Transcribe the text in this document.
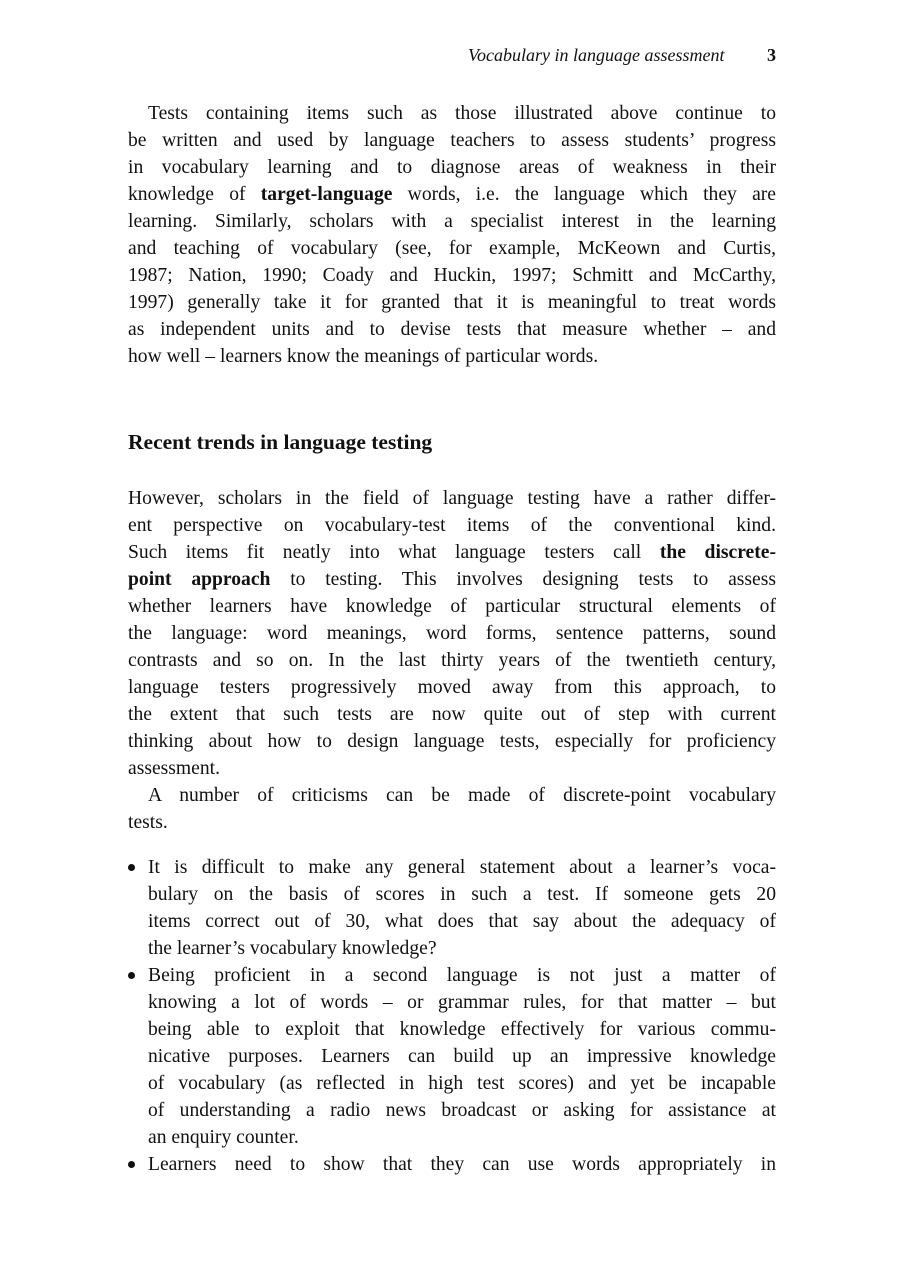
Vocabulary in language assessment 3
Tests containing items such as those illustrated above continue to
be written and used by language teachers to assess students’ progress
in vocabulary learning and to diagnose areas of weakness in their
knowledge of target-language words, i.e. the language which they are
learning. Similarly, scholars with a specialist interest in the learning
and teaching of vocabulary (see, for example, McKeown and Curtis,
1987; Nation, 1990; Coady and Huckin, 1997; Schmitt and McCarthy,
1997) generally take it for granted that it is meaningful to treat words
as independent units and to devise tests that measure whether – and
how well – learners know the meanings of particular words.
Recent trends in language testing
However, scholars in the field of language testing have a rather differ-
ent perspective on vocabulary-test items of the conventional kind.
Such items fit neatly into what language testers call the discrete-
point approach to testing. This involves designing tests to assess
whether learners have knowledge of particular structural elements of
the language: word meanings, word forms, sentence patterns, sound
contrasts and so on. In the last thirty years of the twentieth century,
language testers progressively moved away from this approach, to
the extent that such tests are now quite out of step with current
thinking about how to design language tests, especially for proficiency
assessment.
A number of criticisms can be made of discrete-point vocabulary
tests.
It is difficult to make any general statement about a learner’s voca-
bulary on the basis of scores in such a test. If someone gets 20
items correct out of 30, what does that say about the adequacy of
the learner’s vocabulary knowledge?
Being proficient in a second language is not just a matter of
knowing a lot of words – or grammar rules, for that matter – but
being able to exploit that knowledge effectively for various commu-
nicative purposes. Learners can build up an impressive knowledge
of vocabulary (as reflected in high test scores) and yet be incapable
of understanding a radio news broadcast or asking for assistance at
an enquiry counter.
Learners need to show that they can use words appropriately in
